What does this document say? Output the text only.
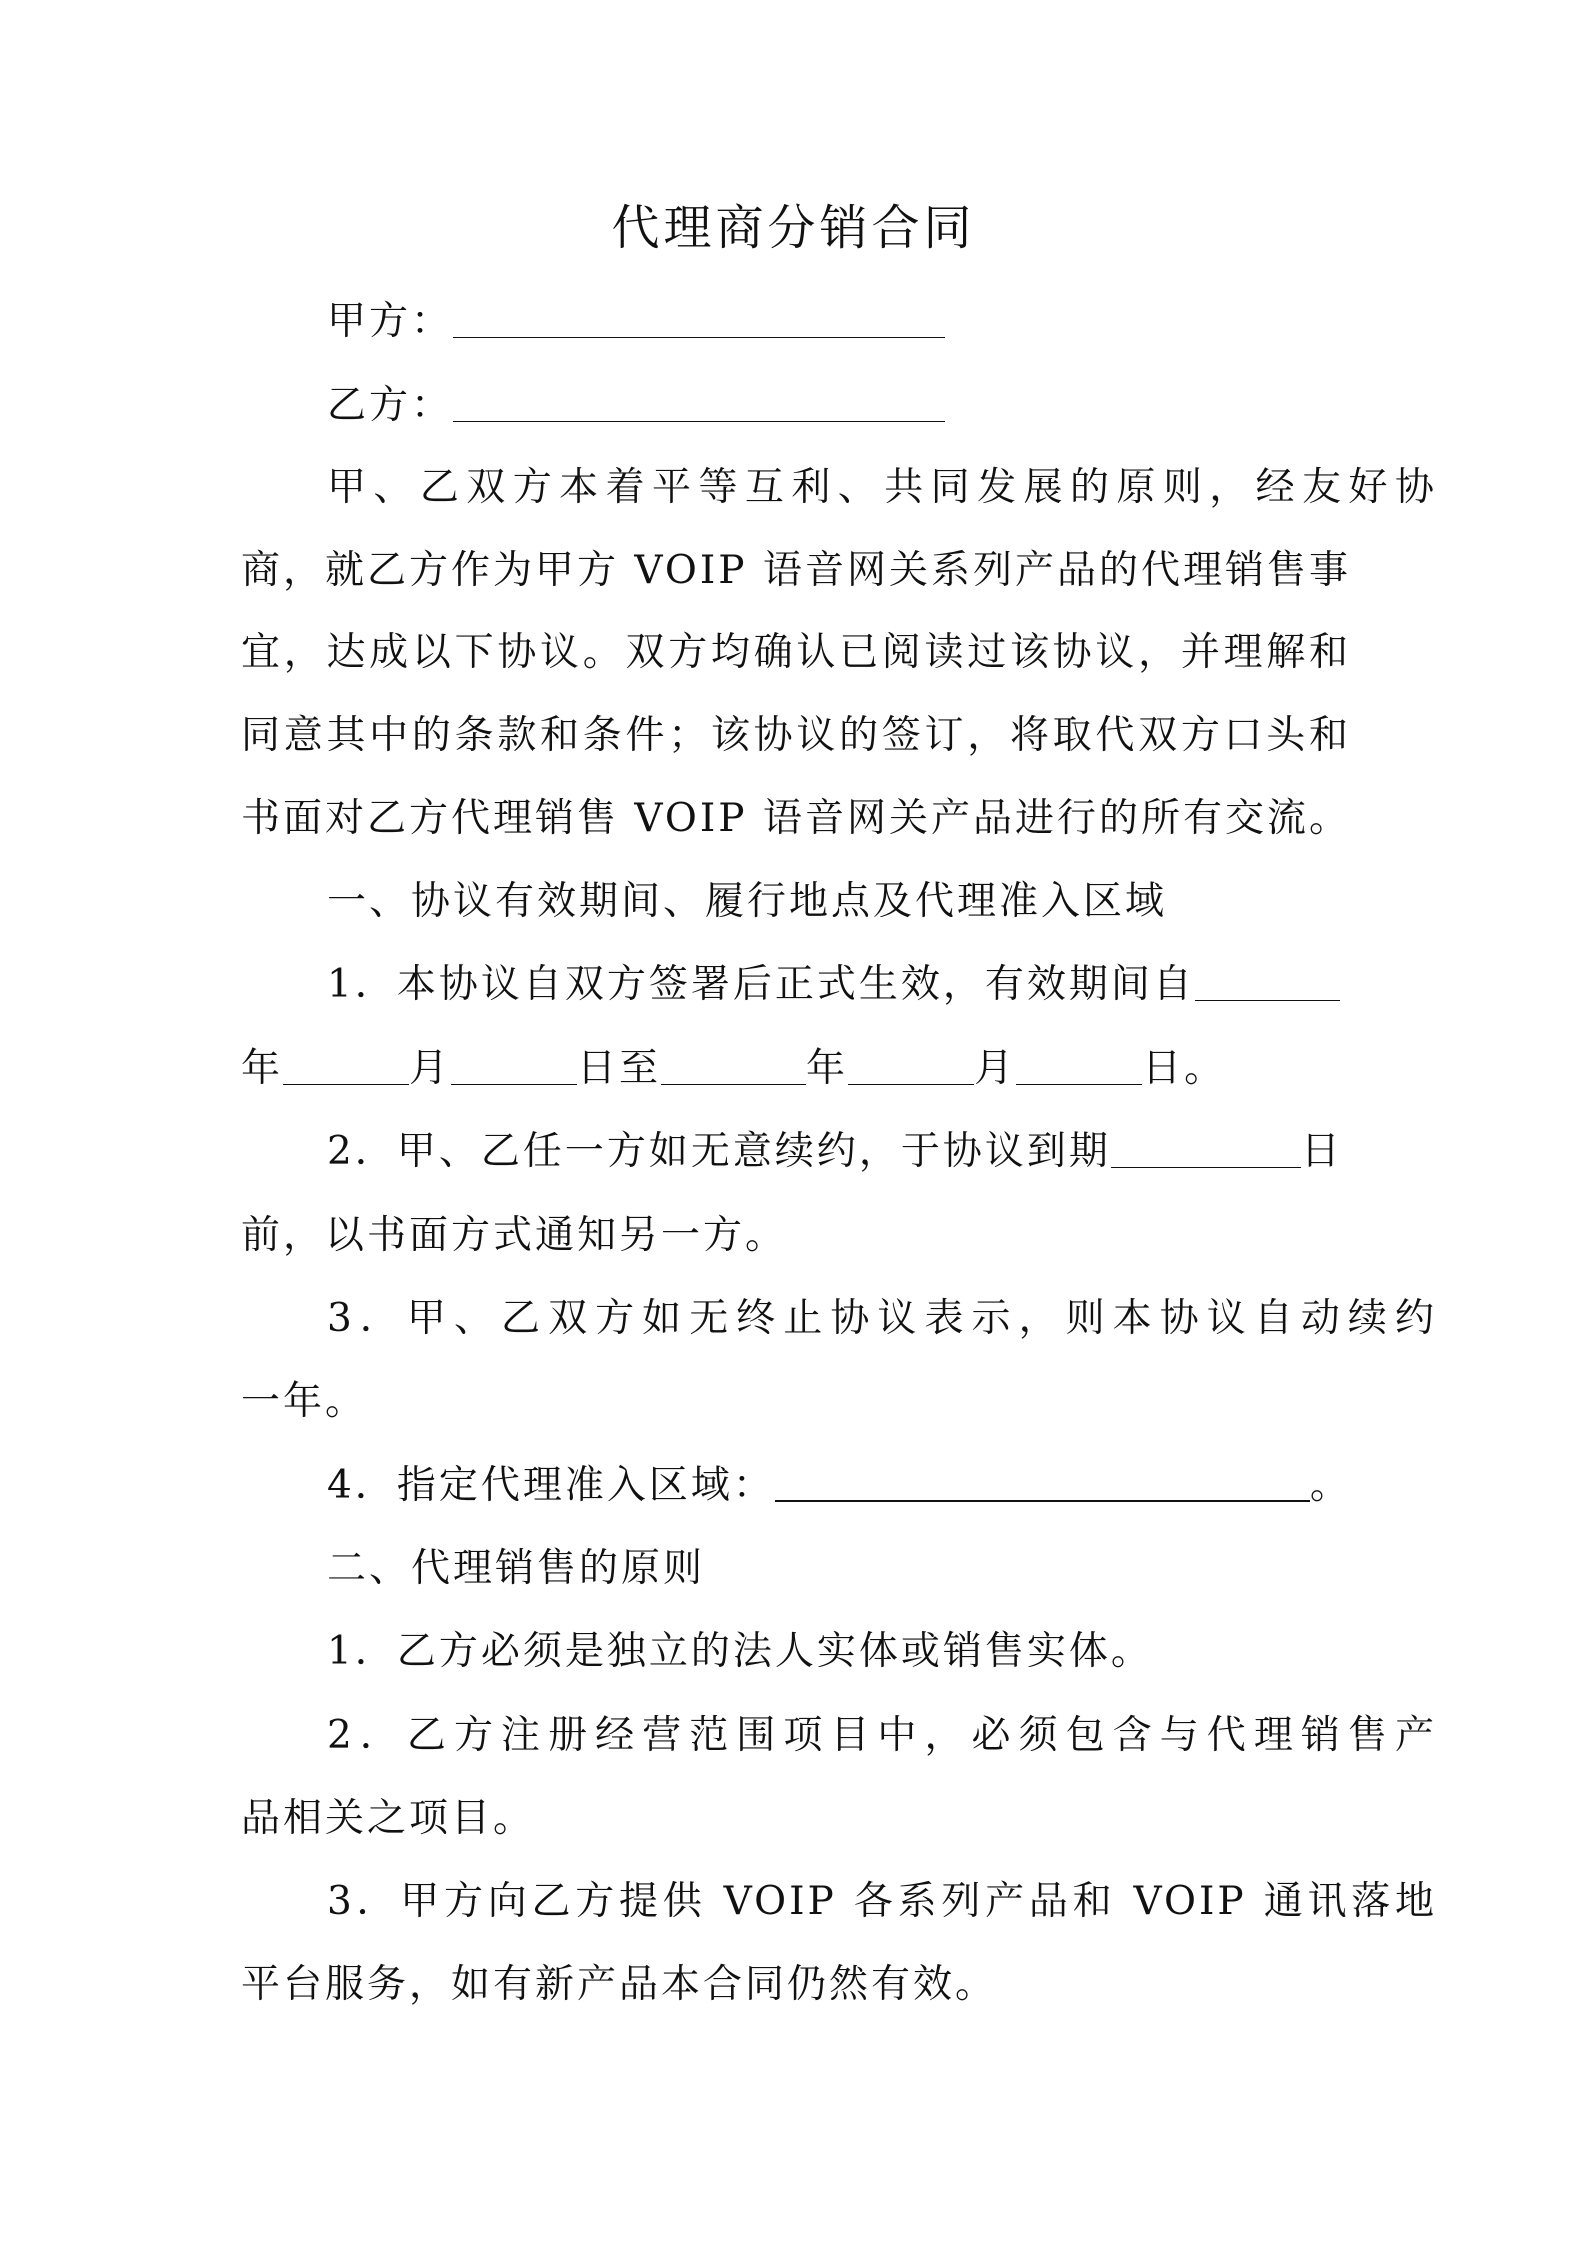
代理商分销合同
甲方：
乙方：
甲、乙双方本着平等互利、共同发展的原则，经友好协
商，就乙方作为甲方 VOIP 语音网关系列产品的代理销售事
宜，达成以下协议。双方均确认已阅读过该协议，并理解和
同意其中的条款和条件；该协议的签订，将取代双方口头和
书面对乙方代理销售 VOIP 语音网关产品进行的所有交流。
一、协议有效期间、履行地点及代理准入区域
1．本协议自双方签署后正式生效，有效期间自
年	月	日至	年	月	日。
2．甲、乙任一方如无意续约，于协议到期	日
前，以书面方式通知另一方。
3．甲、乙双方如无终止协议表示，则本协议自动续约
一年。
4．指定代理准入区域：	。
二、代理销售的原则
1．乙方必须是独立的法人实体或销售实体。
2．乙方注册经营范围项目中，必须包含与代理销售产
品相关之项目。
3．甲方向乙方提供 VOIP 各系列产品和 VOIP 通讯落地
平台服务，如有新产品本合同仍然有效。
